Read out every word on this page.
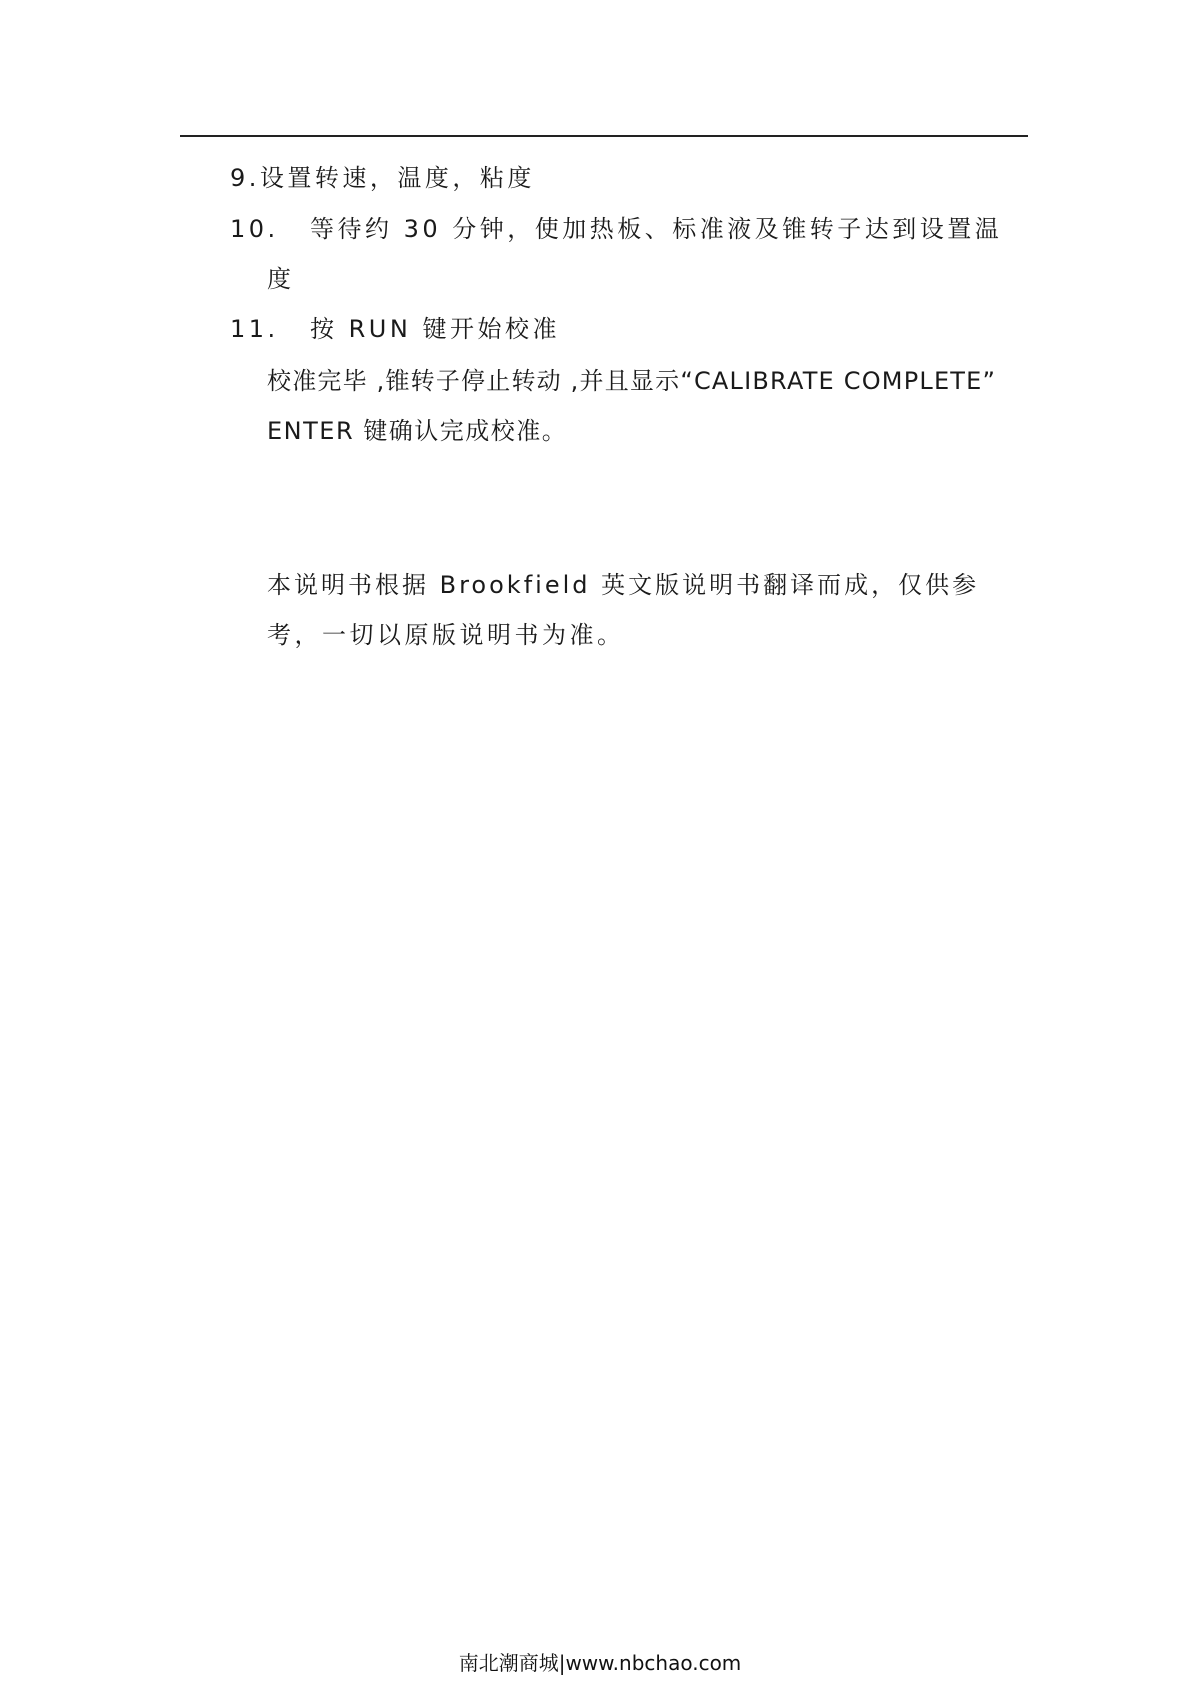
9.设置转速，温度，粘度
10. 等待约 30 分钟，使加热板、标准液及锥转子达到设置温
度
11. 按 RUN 键开始校准
校准完毕 ,锥转子停止转动 ,并且显示“CALIBRATE COMPLETE”
ENTER 键确认完成校准。
本说明书根据 Brookfield 英文版说明书翻译而成，仅供参
考，一切以原版说明书为准。
南北潮商城|www.nbchao.com
